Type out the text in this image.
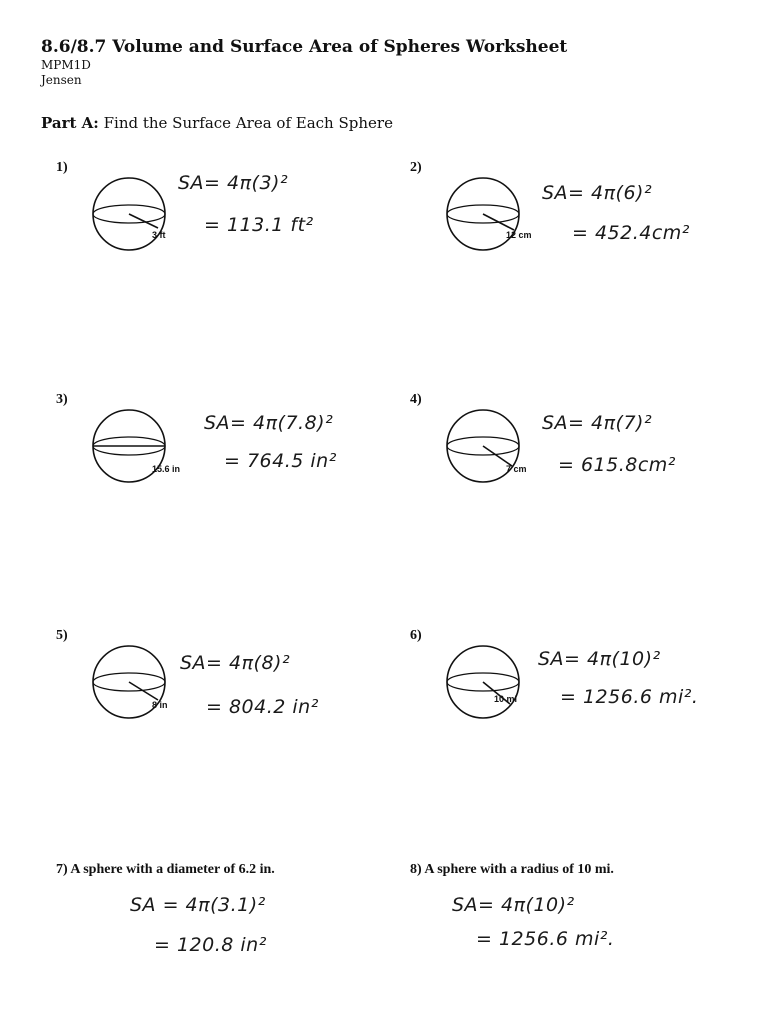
8.6/8.7 Volume and Surface Area of Spheres Worksheet
MPM1D
Jensen
Part A: Find the Surface Area of Each Sphere
1)
3 ft
SA= 4π(3)²
= 113.1 ft²
2)
12 cm
SA= 4π(6)²
= 452.4cm²
3)
15.6 in
SA= 4π(7.8)²
= 764.5 in²
4)
7 cm
SA= 4π(7)²
= 615.8cm²
5)
8 in
SA= 4π(8)²
= 804.2 in²
6)
10 mi
SA= 4π(10)²
= 1256.6 mi².
7) A sphere with a diameter of 6.2 in.
SA = 4π(3.1)²
= 120.8 in²
8) A sphere with a radius of 10 mi.
SA= 4π(10)²
= 1256.6 mi².
